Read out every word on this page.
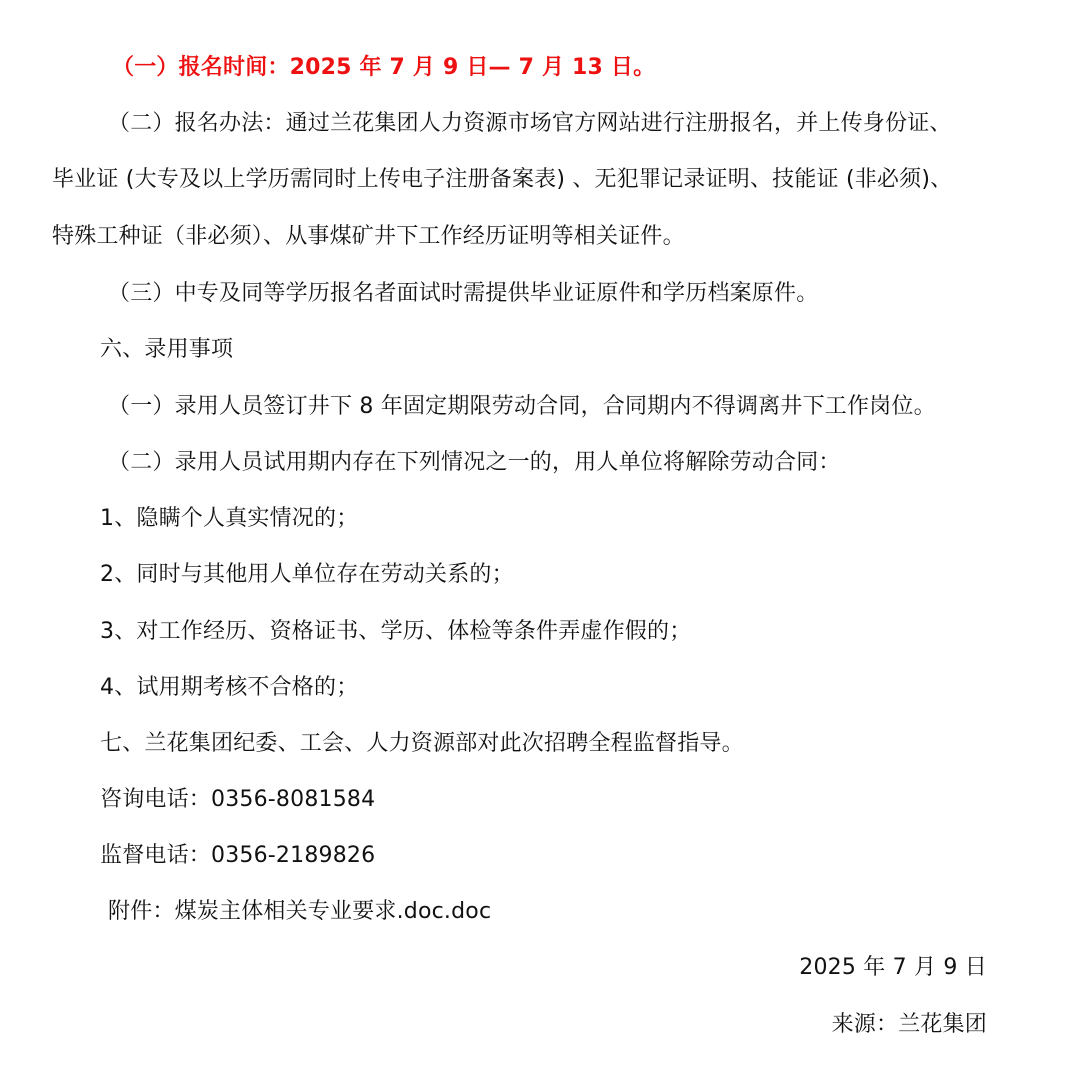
（一）报名时间：2025 年 7 月 9 日— 7 月 13 日。
（二）报名办法：通过兰花集团人力资源市场官方网站进行注册报名，并上传身份证、
毕业证 (大专及以上学历需同时上传电子注册备案表) 、无犯罪记录证明、技能证 (非必须)、
特殊工种证（非必须）、从事煤矿井下工作经历证明等相关证件。
（三）中专及同等学历报名者面试时需提供毕业证原件和学历档案原件。
六、录用事项
（一）录用人员签订井下 8 年固定期限劳动合同，合同期内不得调离井下工作岗位。
（二）录用人员试用期内存在下列情况之一的，用人单位将解除劳动合同：
1、隐瞒个人真实情况的；
2、同时与其他用人单位存在劳动关系的；
3、对工作经历、资格证书、学历、体检等条件弄虚作假的；
4、试用期考核不合格的；
七、兰花集团纪委、工会、人力资源部对此次招聘全程监督指导。
咨询电话：0356-8081584
监督电话：0356-2189826
附件：煤炭主体相关专业要求.doc.doc
2025 年 7 月 9 日
来源：兰花集团
